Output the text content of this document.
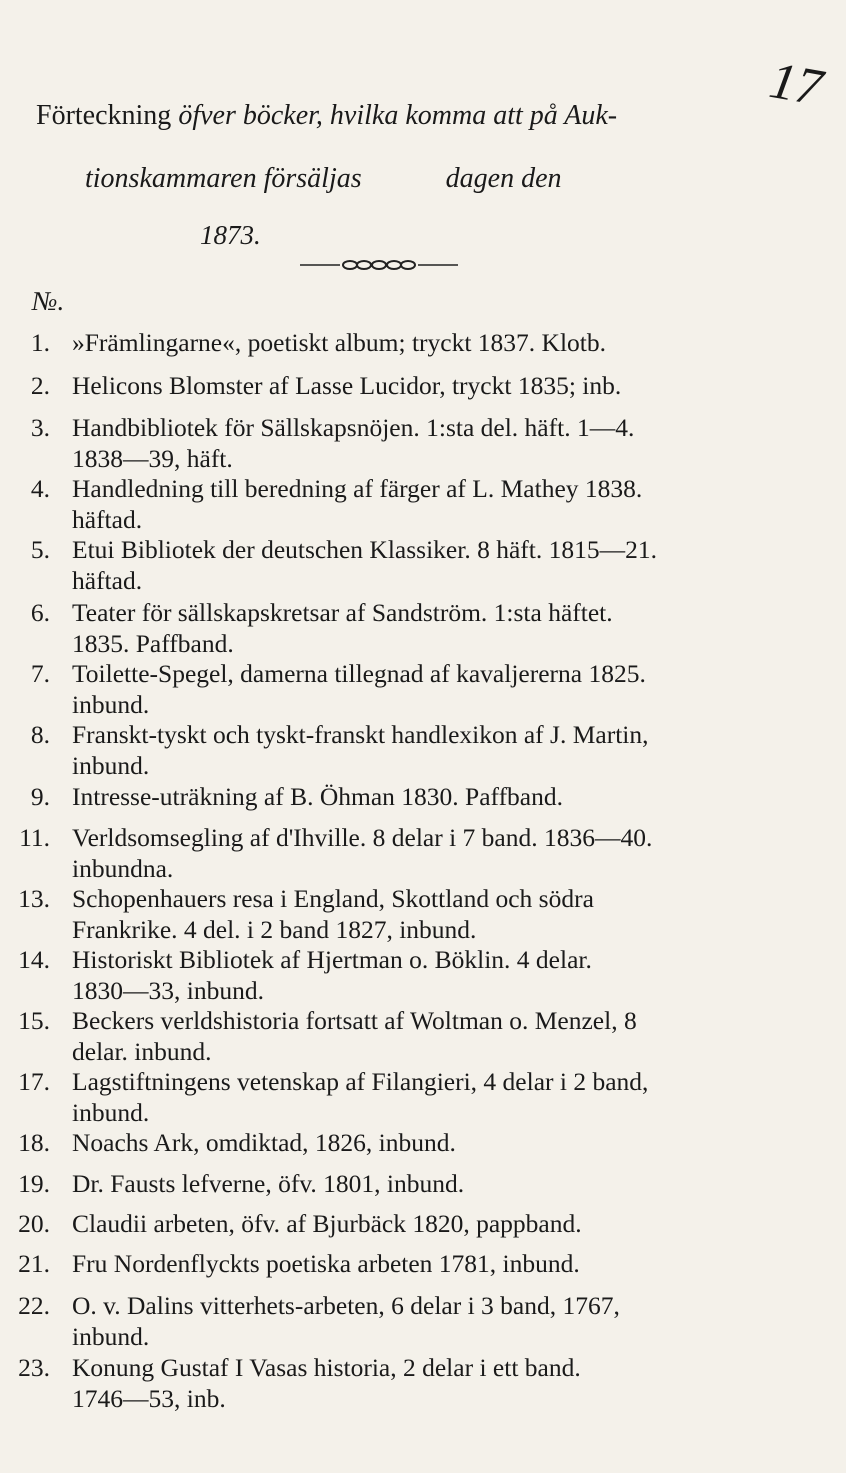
Förteckning öfver böcker, hvilka komma att på Auk-
tionskammaren försäljas            dagen den
1873.
17
№.
1. »Främlingarne«, poetiskt album; tryckt 1837. Klotb.
2. Helicons Blomster af Lasse Lucidor, tryckt 1835; inb.
3. Handbibliotek för Sällskapsnöjen. 1:sta del. häft. 1—4.
1838—39, häft.
4. Handledning till beredning af färger af L. Mathey 1838.
häftad.
5. Etui Bibliotek der deutschen Klassiker. 8 häft. 1815—21.
häftad.
6. Teater för sällskapskretsar af Sandström. 1:sta häftet.
1835. Paffband.
7. Toilette-Spegel, damerna tillegnad af kavaljererna 1825.
inbund.
8. Franskt-tyskt och tyskt-franskt handlexikon af J. Martin,
inbund.
9. Intresse-uträkning af B. Öhman 1830. Paffband.
11. Verldsomsegling af d'Ihville. 8 delar i 7 band. 1836—40.
inbundna.
13. Schopenhauers resa i England, Skottland och södra
Frankrike. 4 del. i 2 band 1827, inbund.
14. Historiskt Bibliotek af Hjertman o. Böklin. 4 delar.
1830—33, inbund.
15. Beckers verldshistoria fortsatt af Woltman o. Menzel, 8
delar. inbund.
17. Lagstiftningens vetenskap af Filangieri, 4 delar i 2 band,
inbund.
18. Noachs Ark, omdiktad, 1826, inbund.
19. Dr. Fausts lefverne, öfv. 1801, inbund.
20. Claudii arbeten, öfv. af Bjurbäck 1820, pappband.
21. Fru Nordenflyckts poetiska arbeten 1781, inbund.
22. O. v. Dalins vitterhets-arbeten, 6 delar i 3 band, 1767,
inbund.
23. Konung Gustaf I Vasas historia, 2 delar i ett band.
1746—53, inb.
